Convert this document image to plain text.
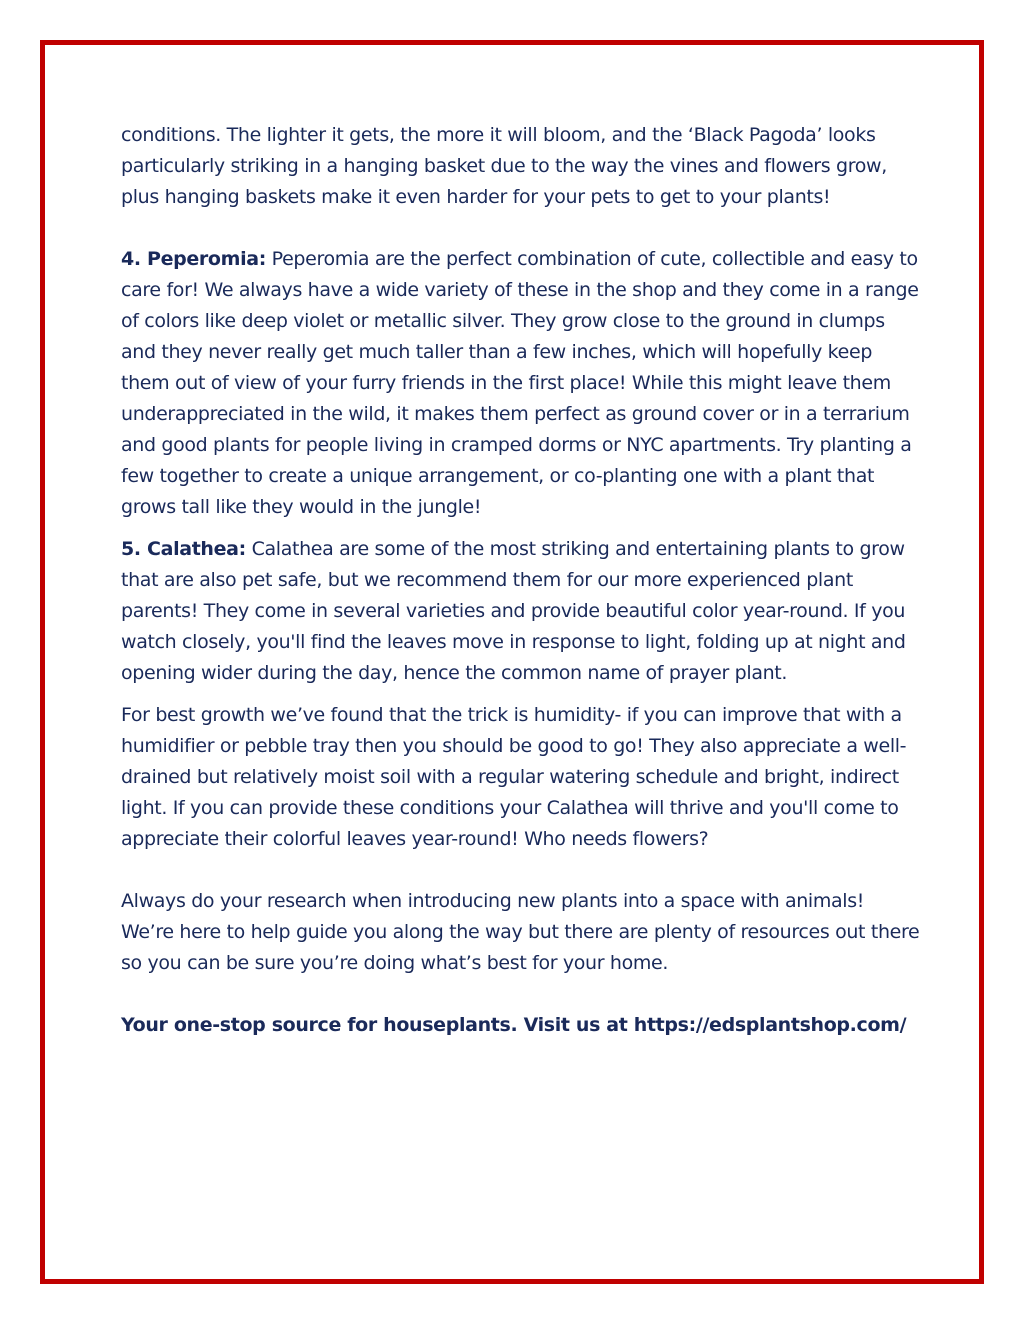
conditions. The lighter it gets, the more it will bloom, and the ‘Black Pagoda’ looks particularly striking in a hanging basket due to the way the vines and flowers grow, plus hanging baskets make it even harder for your pets to get to your plants!

4. Peperomia: Peperomia are the perfect combination of cute, collectible and easy to care for! We always have a wide variety of these in the shop and they come in a range of colors like deep violet or metallic silver. They grow close to the ground in clumps and they never really get much taller than a few inches, which will hopefully keep them out of view of your furry friends in the first place! While this might leave them underappreciated in the wild, it makes them perfect as ground cover or in a terrarium and good plants for people living in cramped dorms or NYC apartments. Try planting a few together to create a unique arrangement, or co-planting one with a plant that grows tall like they would in the jungle!

5. Calathea: Calathea are some of the most striking and entertaining plants to grow that are also pet safe, but we recommend them for our more experienced plant parents! They come in several varieties and provide beautiful color year-round. If you watch closely, you'll find the leaves move in response to light, folding up at night and opening wider during the day, hence the common name of prayer plant.

For best growth we’ve found that the trick is humidity- if you can improve that with a humidifier or pebble tray then you should be good to go! They also appreciate a well-drained but relatively moist soil with a regular watering schedule and bright, indirect light. If you can provide these conditions your Calathea will thrive and you'll come to appreciate their colorful leaves year-round! Who needs flowers?

Always do your research when introducing new plants into a space with animals! We’re here to help guide you along the way but there are plenty of resources out there so you can be sure you’re doing what’s best for your home.

Your one-stop source for houseplants. Visit us at https://edsplantshop.com/
